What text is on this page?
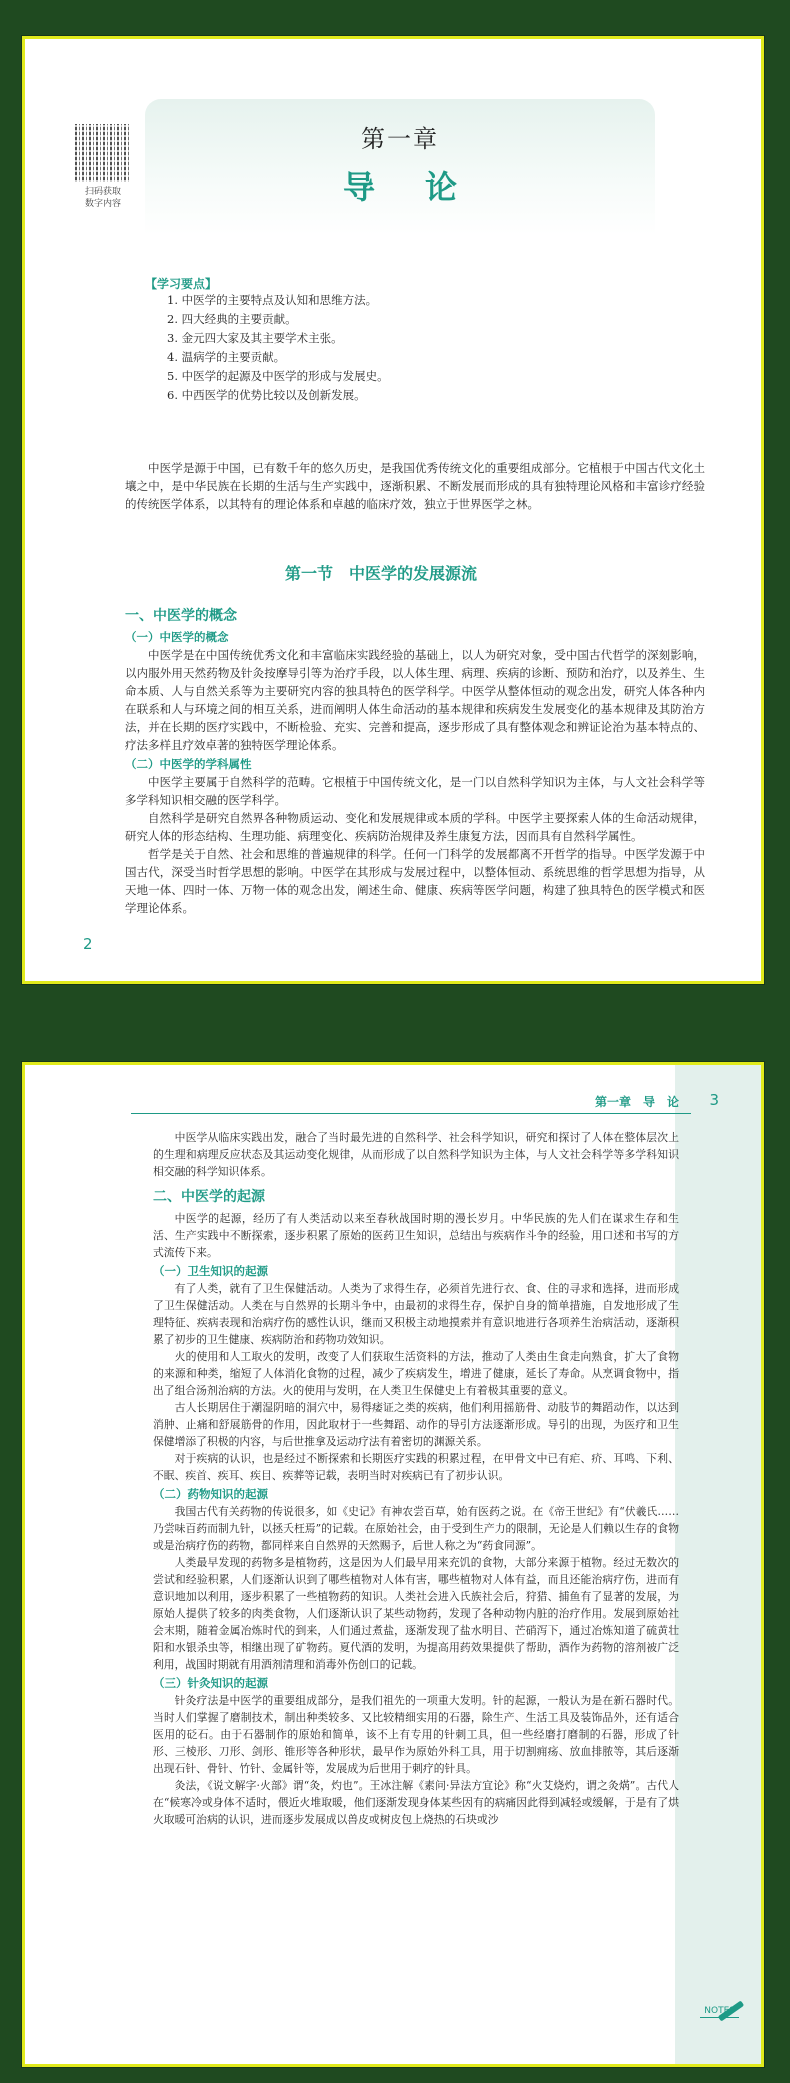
扫码获取
数字内容
第一章
导论
【学习要点】
1. 中医学的主要特点及认知和思维方法。
2. 四大经典的主要贡献。
3. 金元四大家及其主要学术主张。
4. 温病学的主要贡献。
5. 中医学的起源及中医学的形成与发展史。
6. 中西医学的优势比较以及创新发展。

中医学是源于中国，已有数千年的悠久历史，是我国优秀传统文化的重要组成部分。它植根于中国古代文化土壤之中，是中华民族在长期的生活与生产实践中，逐渐积累、不断发展而形成的具有独特理论风格和丰富诊疗经验的传统医学体系，以其特有的理论体系和卓越的临床疗效，独立于世界医学之林。

第一节　中医学的发展源流
一、中医学的概念
（一）中医学的概念

中医学是在中国传统优秀文化和丰富临床实践经验的基础上，以人为研究对象，受中国古代哲学的深刻影响，以内服外用天然药物及针灸按摩导引等为治疗手段，以人体生理、病理、疾病的诊断、预防和治疗，以及养生、生命本质、人与自然关系等为主要研究内容的独具特色的医学科学。中医学从整体恒动的观念出发，研究人体各种内在联系和人与环境之间的相互关系，进而阐明人体生命活动的基本规律和疾病发生发展变化的基本规律及其防治方法，并在长期的医疗实践中，不断检验、充实、完善和提高，逐步形成了具有整体观念和辨证论治为基本特点的、疗法多样且疗效卓著的独特医学理论体系。

（二）中医学的学科属性

中医学主要属于自然科学的范畴。它根植于中国传统文化，是一门以自然科学知识为主体，与人文社会科学等多学科知识相交融的医学科学。

自然科学是研究自然界各种物质运动、变化和发展规律或本质的学科。中医学主要探索人体的生命活动规律，研究人体的形态结构、生理功能、病理变化、疾病防治规律及养生康复方法，因而具有自然科学属性。

哲学是关于自然、社会和思维的普遍规律的科学。任何一门科学的发展都离不开哲学的指导。中医学发源于中国古代，深受当时哲学思想的影响。中医学在其形成与发展过程中，以整体恒动、系统思维的哲学思想为指导，从天地一体、四时一体、万物一体的观念出发，阐述生命、健康、疾病等医学问题，构建了独具特色的医学模式和医学理论体系。

2
第一章　导　论 3

中医学从临床实践出发，融合了当时最先进的自然科学、社会科学知识，研究和探讨了人体在整体层次上的生理和病理反应状态及其运动变化规律，从而形成了以自然科学知识为主体，与人文社会科学等多学科知识相交融的科学知识体系。

二、中医学的起源

中医学的起源，经历了有人类活动以来至春秋战国时期的漫长岁月。中华民族的先人们在谋求生存和生活、生产实践中不断探索，逐步积累了原始的医药卫生知识，总结出与疾病作斗争的经验，用口述和书写的方式流传下来。

（一）卫生知识的起源

有了人类，就有了卫生保健活动。人类为了求得生存，必须首先进行衣、食、住的寻求和选择，进而形成了卫生保健活动。人类在与自然界的长期斗争中，由最初的求得生存，保护自身的简单措施，自发地形成了生理特征、疾病表现和治病疗伤的感性认识，继而又积极主动地摸索并有意识地进行各项养生治病活动，逐渐积累了初步的卫生健康、疾病防治和药物功效知识。

火的使用和人工取火的发明，改变了人们获取生活资料的方法，推动了人类由生食走向熟食，扩大了食物的来源和种类，缩短了人体消化食物的过程，减少了疾病发生，增进了健康，延长了寿命。从烹调食物中，指出了组合汤剂治病的方法。火的使用与发明，在人类卫生保健史上有着极其重要的意义。

古人长期居住于潮湿阴暗的洞穴中，易得痿证之类的疾病，他们利用摇筋骨、动肢节的舞蹈动作，以达到消肿、止痛和舒展筋骨的作用，因此取材于一些舞蹈、动作的导引方法逐渐形成。导引的出现，为医疗和卫生保健增添了积极的内容，与后世推拿及运动疗法有着密切的渊源关系。

对于疾病的认识，也是经过不断探索和长期医疗实践的积累过程，在甲骨文中已有疟、疥、耳鸣、下利、不眠、疾首、疾耳、疾目、疾葬等记载，表明当时对疾病已有了初步认识。

（二）药物知识的起源

我国古代有关药物的传说很多，如《史记》有神农尝百草，始有医药之说。在《帝王世纪》有“伏羲氏……乃尝味百药而制九针，以拯夭枉焉”的记载。在原始社会，由于受到生产力的限制，无论是人们赖以生存的食物或是治病疗伤的药物，都同样来自自然界的天然赐予，后世人称之为“药食同源”。

人类最早发现的药物多是植物药，这是因为人们最早用来充饥的食物，大部分来源于植物。经过无数次的尝试和经验积累，人们逐渐认识到了哪些植物对人体有害，哪些植物对人体有益，而且还能治病疗伤，进而有意识地加以利用，逐步积累了一些植物药的知识。人类社会进入氏族社会后，狩猎、捕鱼有了显著的发展，为原始人提供了较多的肉类食物，人们逐渐认识了某些动物药，发现了各种动物内脏的治疗作用。发展到原始社会末期，随着金属冶炼时代的到来，人们通过煮盐，逐渐发现了盐水明目、芒硝泻下，通过冶炼知道了硫黄壮阳和水银杀虫等，相继出现了矿物药。夏代酒的发明，为提高用药效果提供了帮助，酒作为药物的溶剂被广泛利用，战国时期就有用酒剂清理和消毒外伤创口的记载。

（三）针灸知识的起源

针灸疗法是中医学的重要组成部分，是我们祖先的一项重大发明。针的起源，一般认为是在新石器时代。当时人们掌握了磨制技术，制出种类较多、又比较精细实用的石器，除生产、生活工具及装饰品外，还有适合医用的砭石。由于石器制作的原始和简单，该不上有专用的针刺工具，但一些经磨打磨制的石器，形成了针形、三棱形、刀形、剑形、锥形等各种形状，最早作为原始外科工具，用于切割痈疡、放血排脓等，其后逐渐出现石针、骨针、竹针、金属针等，发展成为后世用于刺疗的针具。

灸法，《说文解字·火部》谓“灸，灼也”。王冰注解《素问·异法方宜论》称“火艾烧灼，谓之灸焫”。古代人在“候寒冷或身体不适时，偎近火堆取暖，他们逐渐发现身体某些因有的病痛因此得到减轻或缓解，于是有了烘火取暖可治病的认识，进而逐步发展成以兽皮或树皮包上烧热的石块或沙

NOTES
